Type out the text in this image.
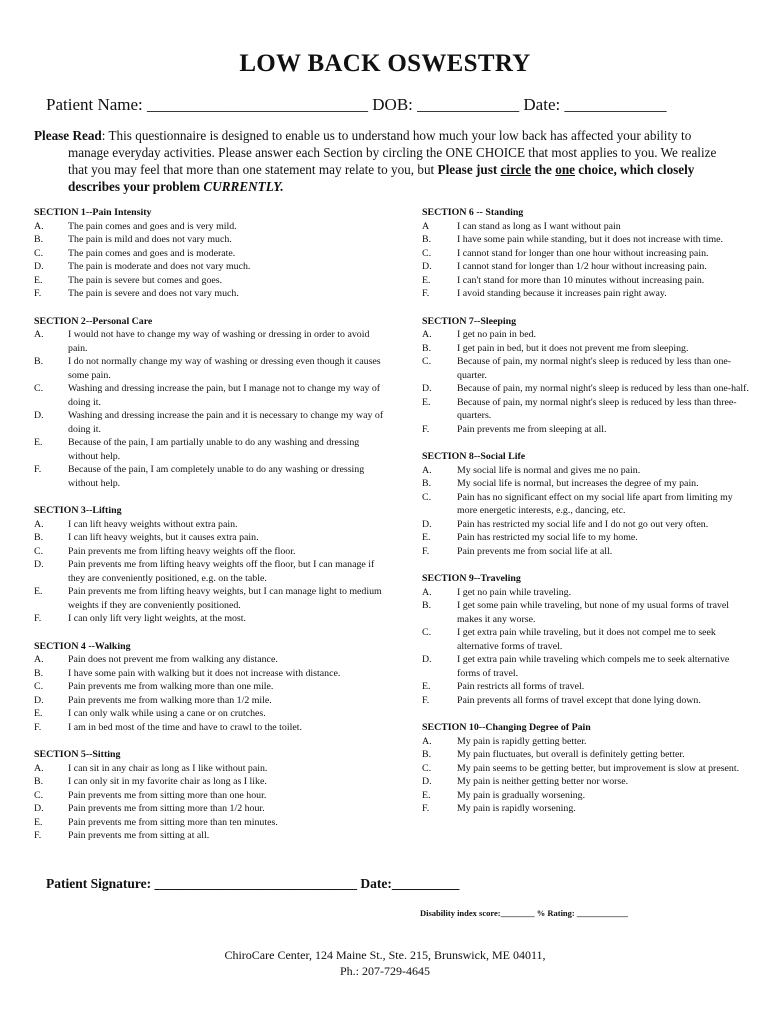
LOW BACK OSWESTRY
Patient Name: __________________________ DOB: ____________ Date: ____________

Please Read: This questionnaire is designed to enable us to understand how much your low back has affected your ability to manage everyday activities. Please answer each Section by circling the ONE CHOICE that most applies to you. We realize that you may feel that more than one statement may relate to you, but Please just circle the one choice, which closely describes your problem CURRENTLY.

SECTION 1--Pain Intensity
A.	The pain comes and goes and is very mild.
B.	The pain is mild and does not vary much.
C.	The pain comes and goes and is moderate.
D.	The pain is moderate and does not vary much.
E.	The pain is severe but comes and goes.
F.	The pain is severe and does not vary much.
SECTION 2--Personal Care
A.	I would not have to change my way of washing or dressing in order to avoid pain.
B.	I do not normally change my way of washing or dressing even though it causes some pain.
C.	Washing and dressing increase the pain, but I manage not to change my way of doing it.
D.	Washing and dressing increase the pain and it is necessary to change my way of doing it.
E.	Because of the pain, I am partially unable to do any washing and dressing without help.
F.	Because of the pain, I am completely unable to do any washing or dressing without help.
SECTION 3--Lifting
A.	I can lift heavy weights without extra pain.
B.	I can lift heavy weights, but it causes extra pain.
C.	Pain prevents me from lifting heavy weights off the floor.
D.	Pain prevents me from lifting heavy weights off the floor, but I can manage if they are conveniently positioned, e.g. on the table.
E.	Pain prevents me from lifting heavy weights, but I can manage light to medium weights if they are conveniently positioned.
F.	I can only lift very light weights, at the most.
SECTION 4 --Walking
A.	Pain does not prevent me from walking any distance.
B.	I have some pain with walking but it does not increase with distance.
C.	Pain prevents me from walking more than one mile.
D.	Pain prevents me from walking more than 1/2 mile.
E.	I can only walk while using a cane or on crutches.
F.	I am in bed most of the time and have to crawl to the toilet.
SECTION 5--Sitting
A.	I can sit in any chair as long as I like without pain.
B.	I can only sit in my favorite chair as long as I like.
C.	Pain prevents me from sitting more than one hour.
D.	Pain prevents me from sitting more than 1/2 hour.
E.	Pain prevents me from sitting more than ten minutes.
F.	Pain prevents me from sitting at all.
SECTION 6 -- Standing
A	I can stand as long as I want without pain
B.	I have some pain while standing, but it does not increase with time.
C.	I cannot stand for longer than one hour without increasing pain.
D.	I cannot stand for longer than 1/2 hour without increasing pain.
E.	I can't stand for more than 10 minutes without increasing pain.
F.	I avoid standing because it increases pain right away.
SECTION 7--Sleeping
A.	I get no pain in bed.
B.	I get pain in bed, but it does not prevent me from sleeping.
C.	Because of pain, my normal night's sleep is reduced by less than one-quarter.
D.	Because of pain, my normal night's sleep is reduced by less than one-half.
E.	Because of pain, my normal night's sleep is reduced by less than three-quarters.
F.	Pain prevents me from sleeping at all.
SECTION 8--Social Life
A.	My social life is normal and gives me no pain.
B.	My social life is normal, but increases the degree of my pain.
C.	Pain has no significant effect on my social life apart from limiting my more energetic interests, e.g., dancing, etc.
D.	Pain has restricted my social life and I do not go out very often.
E.	Pain has restricted my social life to my home.
F.	Pain prevents me from social life at all.
SECTION 9--Traveling
A.	I get no pain while traveling.
B.	I get some pain while traveling, but none of my usual forms of travel makes it any worse.
C.	I get extra pain while traveling, but it does not compel me to seek alternative forms of travel.
D.	I get extra pain while traveling which compels me to seek alternative forms of travel.
E.	Pain restricts all forms of travel.
F.	Pain prevents all forms of travel except that done lying down.
SECTION 10--Changing Degree of Pain
A.	My pain is rapidly getting better.
B.	My pain fluctuates, but overall is definitely getting better.
C.	My pain seems to be getting better, but improvement is slow at present.
D.	My pain is neither getting better nor worse.
E.	My pain is gradually worsening.
F.	My pain is rapidly worsening.
Patient Signature: ______________________________ Date:__________
Disability index score:________ % Rating: ____________
ChiroCare Center, 124 Maine St., Ste. 215, Brunswick, ME 04011,
Ph.: 207-729-4645
